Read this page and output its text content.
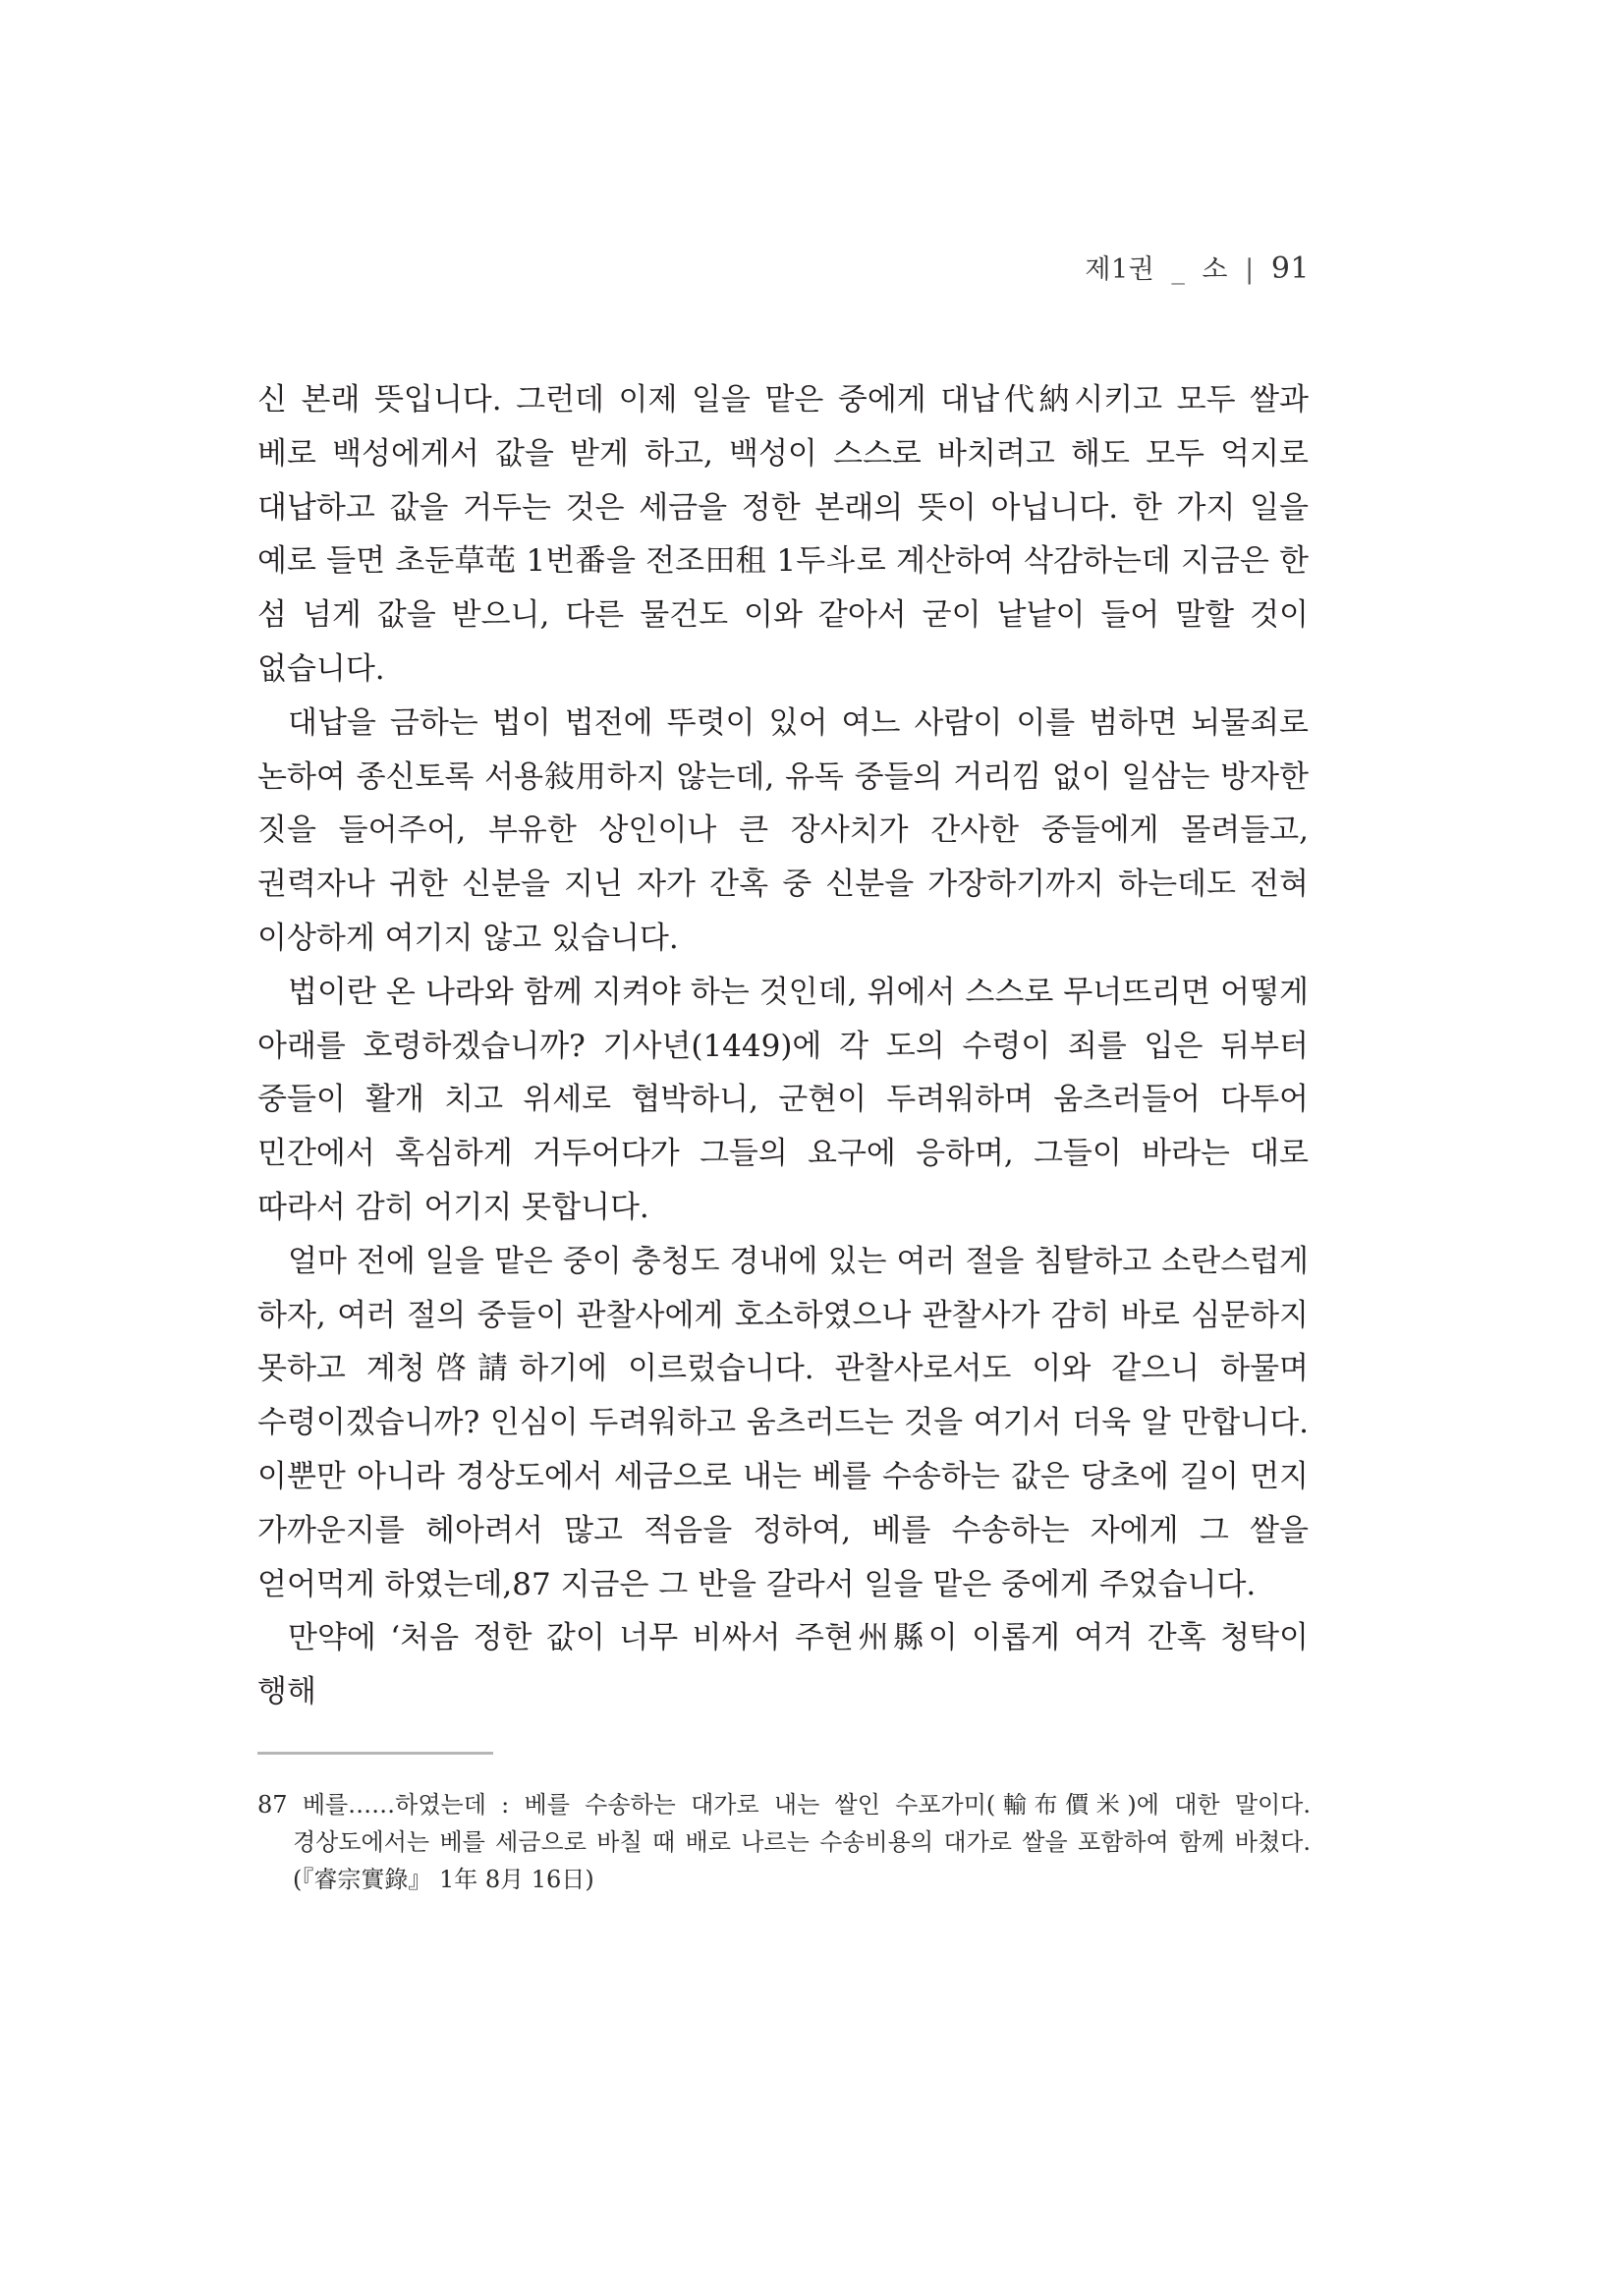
제1권 _ 소 | 91

신 본래 뜻입니다. 그런데 이제 일을 맡은 중에게 대납代納시키고 모두 쌀과 베로 백성에게서 값을 받게 하고, 백성이 스스로 바치려고 해도 모두 억지로 대납하고 값을 거두는 것은 세금을 정한 본래의 뜻이 아닙니다. 한 가지 일을 예로 들면 초둔草芚 1번番을 전조田租 1두斗로 계산하여 삭감하는데 지금은 한 섬 넘게 값을 받으니, 다른 물건도 이와 같아서 굳이 낱낱이 들어 말할 것이 없습니다.

대납을 금하는 법이 법전에 뚜렷이 있어 여느 사람이 이를 범하면 뇌물죄로 논하여 종신토록 서용敍用하지 않는데, 유독 중들의 거리낌 없이 일삼는 방자한 짓을 들어주어, 부유한 상인이나 큰 장사치가 간사한 중들에게 몰려들고, 권력자나 귀한 신분을 지닌 자가 간혹 중 신분을 가장하기까지 하는데도 전혀 이상하게 여기지 않고 있습니다.

법이란 온 나라와 함께 지켜야 하는 것인데, 위에서 스스로 무너뜨리면 어떻게 아래를 호령하겠습니까? 기사년(1449)에 각 도의 수령이 죄를 입은 뒤부터 중들이 활개 치고 위세로 협박하니, 군현이 두려워하며 움츠러들어 다투어 민간에서 혹심하게 거두어다가 그들의 요구에 응하며, 그들이 바라는 대로 따라서 감히 어기지 못합니다.

얼마 전에 일을 맡은 중이 충청도 경내에 있는 여러 절을 침탈하고 소란스럽게 하자, 여러 절의 중들이 관찰사에게 호소하였으나 관찰사가 감히 바로 심문하지 못하고 계청啓請하기에 이르렀습니다. 관찰사로서도 이와 같으니 하물며 수령이겠습니까? 인심이 두려워하고 움츠러드는 것을 여기서 더욱 알 만합니다. 이뿐만 아니라 경상도에서 세금으로 내는 베를 수송하는 값은 당초에 길이 먼지 가까운지를 헤아려서 많고 적음을 정하여, 베를 수송하는 자에게 그 쌀을 얻어먹게 하였는데,87 지금은 그 반을 갈라서 일을 맡은 중에게 주었습니다.

만약에 ‘처음 정한 값이 너무 비싸서 주현州縣이 이롭게 여겨 간혹 청탁이 행해

87 베를……하였는데 : 베를 수송하는 대가로 내는 쌀인 수포가미(輸布價米)에 대한 말이다. 경상도에서는 베를 세금으로 바칠 때 배로 나르는 수송비용의 대가로 쌀을 포함하여 함께 바쳤다.(『睿宗實錄』 1年 8月 16日)
